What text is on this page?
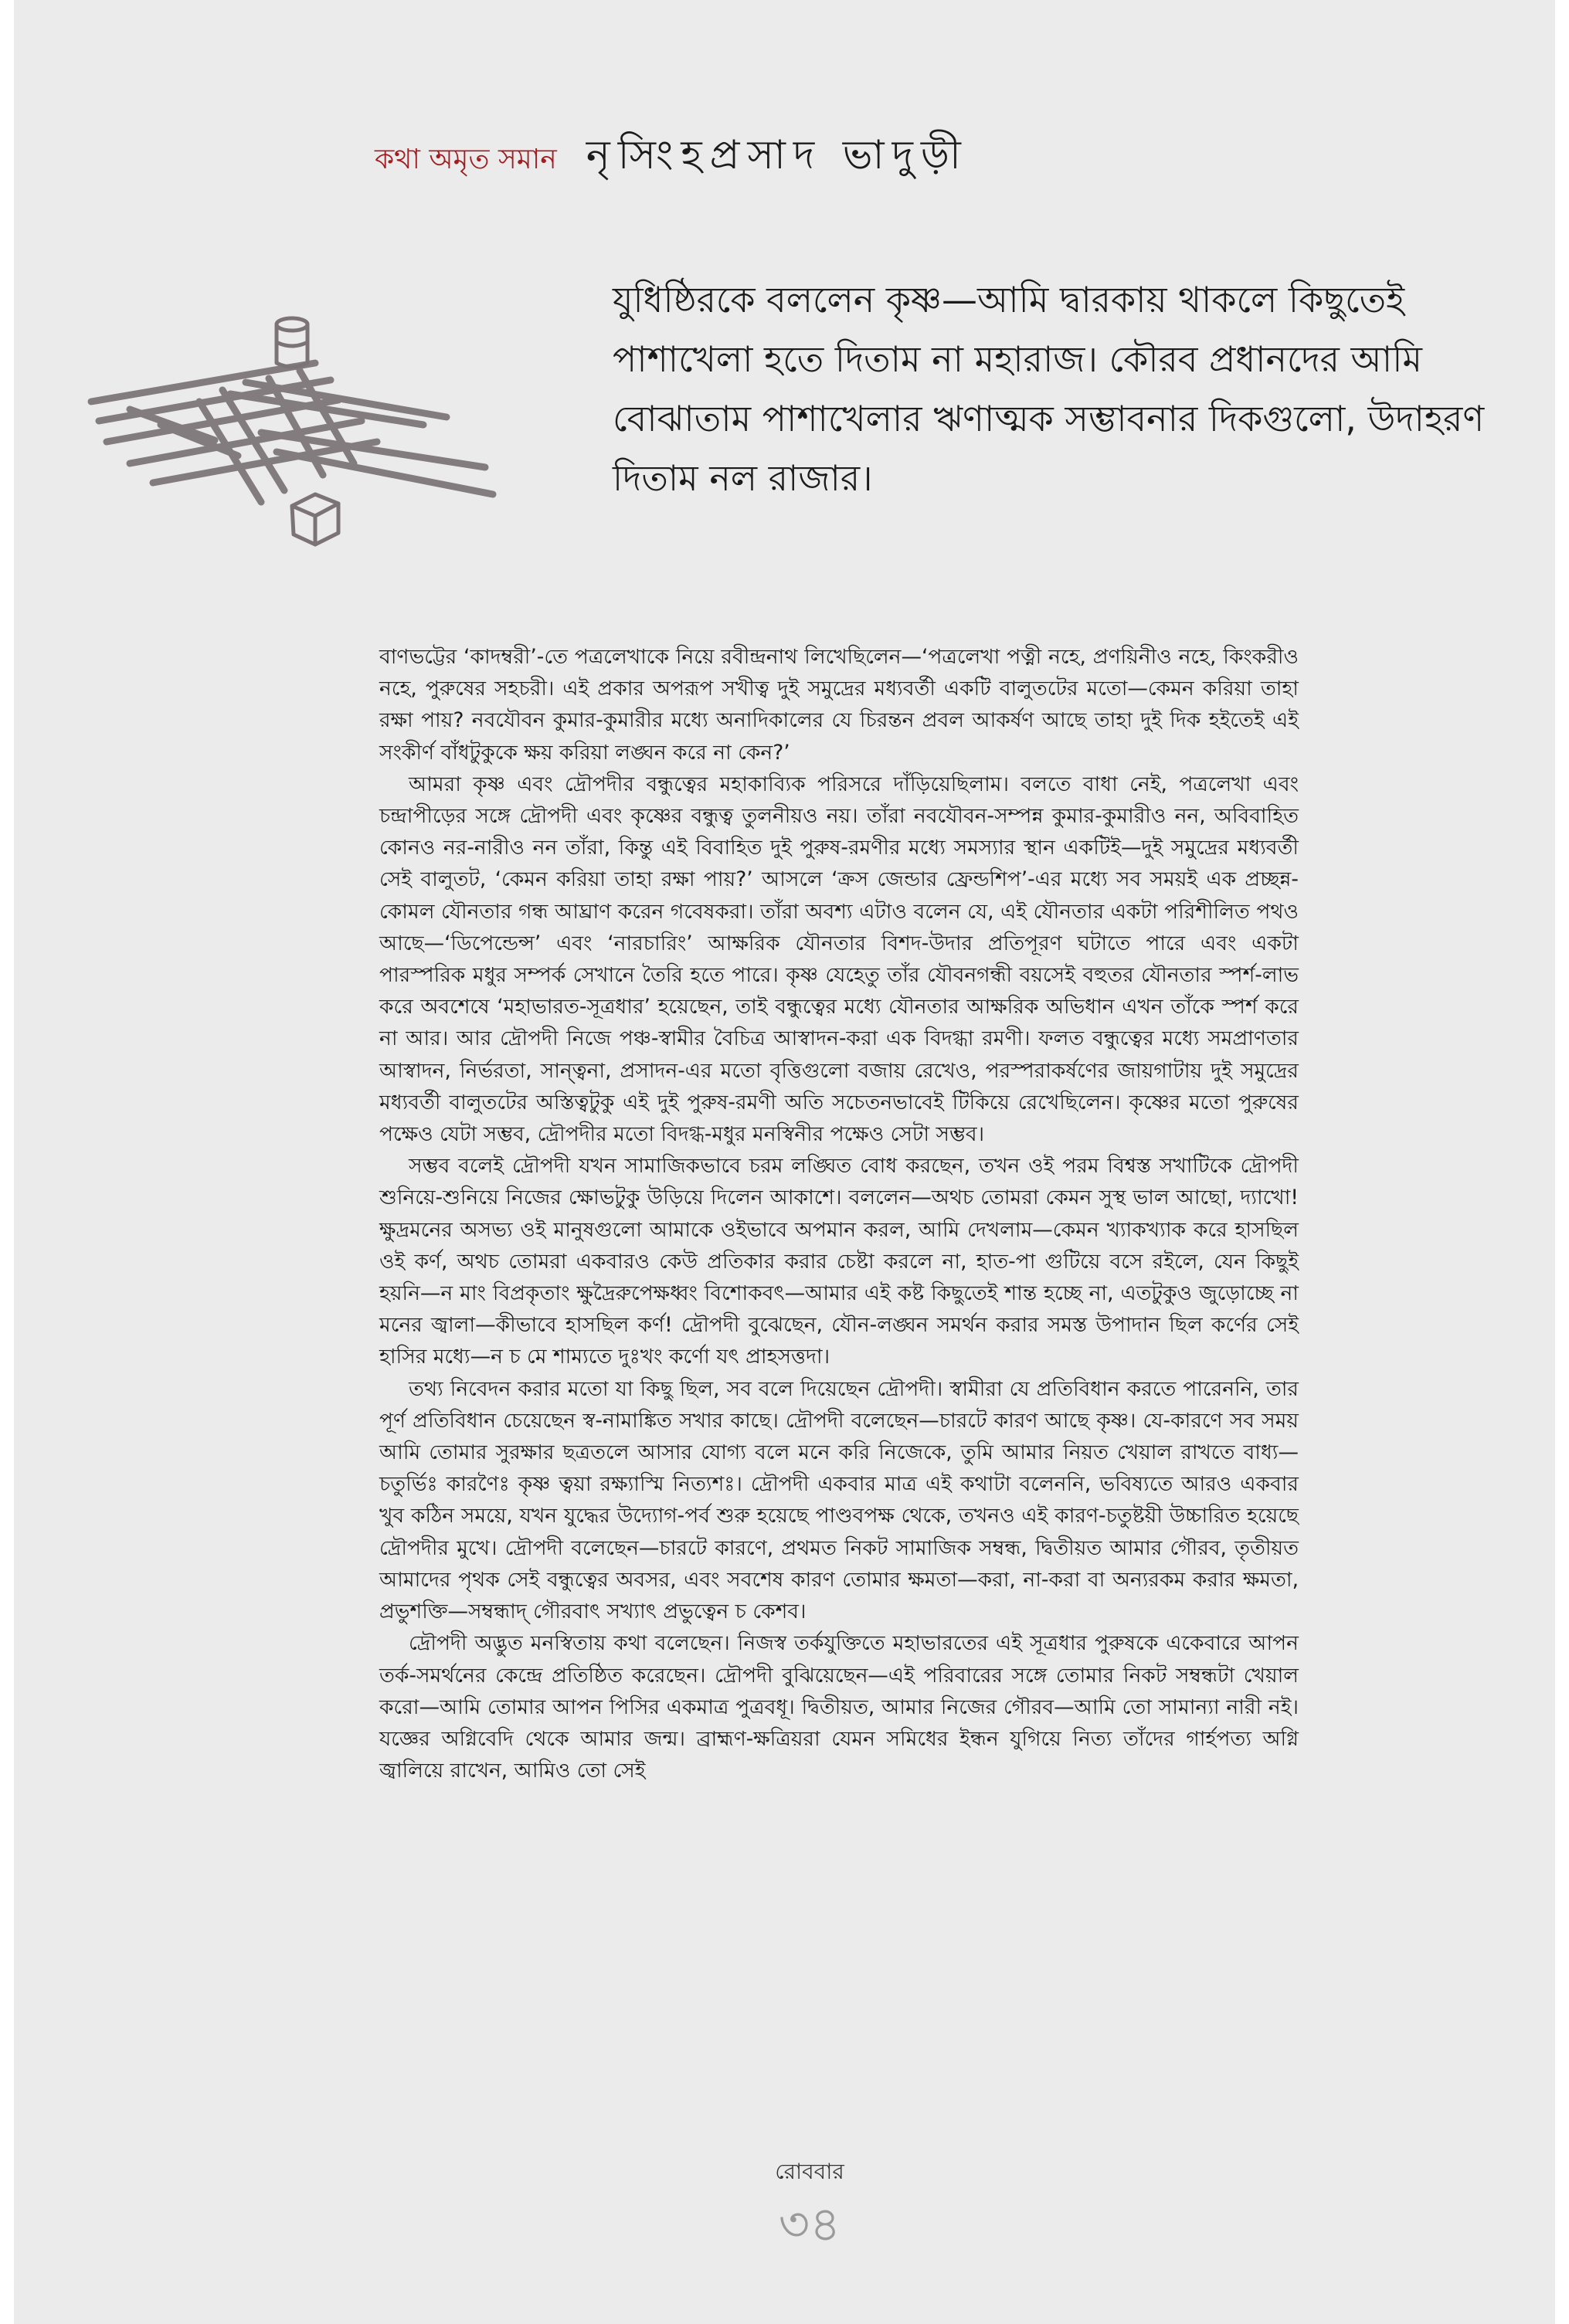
কথা অমৃত সমান নৃসিংহপ্রসাদ ভাদুড়ী
যুধিষ্ঠিরকে বললেন কৃষ্ণ—আমি দ্বারকায় থাকলে কিছুতেই পাশাখেলা হতে দিতাম না মহারাজ। কৌরব প্রধানদের আমি বোঝাতাম পাশাখেলার ঋণাত্মক সম্ভাবনার দিকগুলো, উদাহরণ দিতাম নল রাজার।

বাণভট্টের ‘কাদম্বরী’-তে পত্রলেখাকে নিয়ে রবীন্দ্রনাথ লিখেছিলেন—‘পত্রলেখা পত্নী নহে, প্রণয়িনীও নহে, কিংকরীও নহে, পুরুষের সহচরী। এই প্রকার অপরূপ সখীত্ব দুই সমুদ্রের মধ্যবর্তী একটি বালুতটের মতো—কেমন করিয়া তাহা রক্ষা পায়? নবযৌবন কুমার-কুমারীর মধ্যে অনাদিকালের যে চিরন্তন প্রবল আকর্ষণ আছে তাহা দুই দিক হইতেই এই সংকীর্ণ বাঁধটুকুকে ক্ষয় করিয়া লঙ্ঘন করে না কেন?’

আমরা কৃষ্ণ এবং দ্রৌপদীর বন্ধুত্বের মহাকাব্যিক পরিসরে দাঁড়িয়েছিলাম। বলতে বাধা নেই, পত্রলেখা এবং চন্দ্রাপীড়ের সঙ্গে দ্রৌপদী এবং কৃষ্ণের বন্ধুত্ব তুলনীয়ও নয়। তাঁরা নবযৌবন-সম্পন্ন কুমার-কুমারীও নন, অবিবাহিত কোনও নর-নারীও নন তাঁরা, কিন্তু এই বিবাহিত দুই পুরুষ-রমণীর মধ্যে সমস্যার স্থান একটিই—দুই সমুদ্রের মধ্যবর্তী সেই বালুতট, ‘কেমন করিয়া তাহা রক্ষা পায়?’ আসলে ‘ক্রস জেন্ডার ফ্রেন্ডশিপ’-এর মধ্যে সব সময়ই এক প্রচ্ছন্ন-কোমল যৌনতার গন্ধ আঘ্রাণ করেন গবেষকরা। তাঁরা অবশ্য এটাও বলেন যে, এই যৌনতার একটা পরিশীলিত পথও আছে—‘ডিপেন্ডেন্স’ এবং ‘নারচারিং’ আক্ষরিক যৌনতার বিশদ-উদার প্রতিপূরণ ঘটাতে পারে এবং একটা পারস্পরিক মধুর সম্পর্ক সেখানে তৈরি হতে পারে। কৃষ্ণ যেহেতু তাঁর যৌবনগন্ধী বয়সেই বহুতর যৌনতার স্পর্শ-লাভ করে অবশেষে ‘মহাভারত-সূত্রধার’ হয়েছেন, তাই বন্ধুত্বের মধ্যে যৌনতার আক্ষরিক অভিধান এখন তাঁকে স্পর্শ করে না আর। আর দ্রৌপদী নিজে পঞ্চ-স্বামীর বৈচিত্র আস্বাদন-করা এক বিদগ্ধা রমণী। ফলত বন্ধুত্বের মধ্যে সমপ্রাণতার আস্বাদন, নির্ভরতা, সান্ত্বনা, প্রসাদন-এর মতো বৃত্তিগুলো বজায় রেখেও, পরস্পরাকর্ষণের জায়গাটায় দুই সমুদ্রের মধ্যবর্তী বালুতটের অস্তিত্বটুকু এই দুই পুরুষ-রমণী অতি সচেতনভাবেই টিকিয়ে রেখেছিলেন। কৃষ্ণের মতো পুরুষের পক্ষেও যেটা সম্ভব, দ্রৌপদীর মতো বিদগ্ধ-মধুর মনস্বিনীর পক্ষেও সেটা সম্ভব।

সম্ভব বলেই দ্রৌপদী যখন সামাজিকভাবে চরম লঙ্ঘিত বোধ করছেন, তখন ওই পরম বিশ্বস্ত সখাটিকে দ্রৌপদী শুনিয়ে-শুনিয়ে নিজের ক্ষোভটুকু উড়িয়ে দিলেন আকাশে। বললেন—অথচ তোমরা কেমন সুস্থ ভাল আছো, দ্যাখো! ক্ষুদ্রমনের অসভ্য ওই মানুষগুলো আমাকে ওইভাবে অপমান করল, আমি দেখলাম—কেমন খ্যাকখ্যাক করে হাসছিল ওই কর্ণ, অথচ তোমরা একবারও কেউ প্রতিকার করার চেষ্টা করলে না, হাত-পা গুটিয়ে বসে রইলে, যেন কিছুই হয়নি—ন মাং বিপ্রকৃতাং ক্ষুদ্রৈরুপেক্ষধ্বং বিশোকবৎ—আমার এই কষ্ট কিছুতেই শান্ত হচ্ছে না, এতটুকুও জুড়োচ্ছে না মনের জ্বালা—কীভাবে হাসছিল কর্ণ! দ্রৌপদী বুঝেছেন, যৌন-লঙ্ঘন সমর্থন করার সমস্ত উপাদান ছিল কর্ণের সেই হাসির মধ্যে—ন চ মে শাম্যতে দুঃখং কর্ণো যৎ প্রাহসত্তদা।

তথ্য নিবেদন করার মতো যা কিছু ছিল, সব বলে দিয়েছেন দ্রৌপদী। স্বামীরা যে প্রতিবিধান করতে পারেননি, তার পূর্ণ প্রতিবিধান চেয়েছেন স্ব-নামাঙ্কিত সখার কাছে। দ্রৌপদী বলেছেন—চারটে কারণ আছে কৃষ্ণ। যে-কারণে সব সময় আমি তোমার সুরক্ষার ছত্রতলে আসার যোগ্য বলে মনে করি নিজেকে, তুমি আমার নিয়ত খেয়াল রাখতে বাধ্য—চতুর্ভিঃ কারণৈঃ কৃষ্ণ ত্বয়া রক্ষ্যাস্মি নিত্যশঃ। দ্রৌপদী একবার মাত্র এই কথাটা বলেননি, ভবিষ্যতে আরও একবার খুব কঠিন সময়ে, যখন যুদ্ধের উদ্যোগ-পর্ব শুরু হয়েছে পাণ্ডবপক্ষ থেকে, তখনও এই কারণ-চতুষ্টয়ী উচ্চারিত হয়েছে দ্রৌপদীর মুখে। দ্রৌপদী বলেছেন—চারটে কারণে, প্রথমত নিকট সামাজিক সম্বন্ধ, দ্বিতীয়ত আমার গৌরব, তৃতীয়ত আমাদের পৃথক সেই বন্ধুত্বের অবসর, এবং সবশেষ কারণ তোমার ক্ষমতা—করা, না-করা বা অন্যরকম করার ক্ষমতা, প্রভুশক্তি—সম্বন্ধাদ্‌ গৌরবাৎ সখ্যাৎ প্রভুত্বেন চ কেশব।

দ্রৌপদী অদ্ভুত মনস্বিতায় কথা বলেছেন। নিজস্ব তর্কযুক্তিতে মহাভারতের এই সূত্রধার পুরুষকে একেবারে আপন তর্ক-সমর্থনের কেন্দ্রে প্রতিষ্ঠিত করেছেন। দ্রৌপদী বুঝিয়েছেন—এই পরিবারের সঙ্গে তোমার নিকট সম্বন্ধটা খেয়াল করো—আমি তোমার আপন পিসির একমাত্র পুত্রবধূ। দ্বিতীয়ত, আমার নিজের গৌরব—আমি তো সামান্যা নারী নই। যজ্ঞের অগ্নিবেদি থেকে আমার জন্ম। ব্রাহ্মণ-ক্ষত্রিয়রা যেমন সমিধের ইন্ধন যুগিয়ে নিত্য তাঁদের গার্হপত্য অগ্নি জ্বালিয়ে রাখেন, আমিও তো সেই

রোববার
৩৪
